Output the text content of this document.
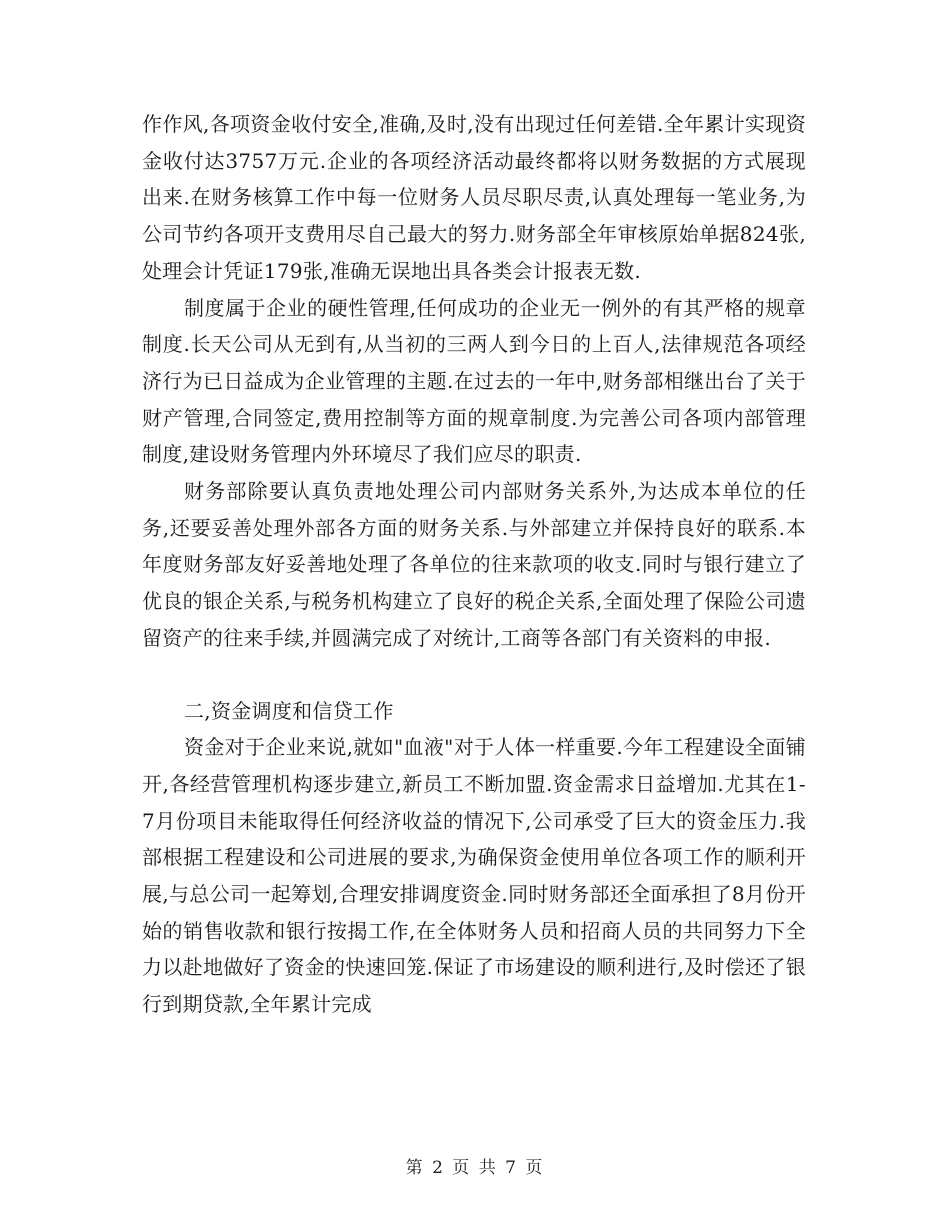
作作风,各项资金收付安全,准确,及时,没有出现过任何差错.全年累计实现资金收付达3757万元.企业的各项经济活动最终都将以财务数据的方式展现出来.在财务核算工作中每一位财务人员尽职尽责,认真处理每一笔业务,为公司节约各项开支费用尽自己最大的努力.财务部全年审核原始单据824张,处理会计凭证179张,准确无误地出具各类会计报表无数.

制度属于企业的硬性管理,任何成功的企业无一例外的有其严格的规章制度.长天公司从无到有,从当初的三两人到今日的上百人,法律规范各项经济行为已日益成为企业管理的主题.在过去的一年中,财务部相继出台了关于财产管理,合同签定,费用控制等方面的规章制度.为完善公司各项内部管理制度,建设财务管理内外环境尽了我们应尽的职责.

财务部除要认真负责地处理公司内部财务关系外,为达成本单位的任务,还要妥善处理外部各方面的财务关系.与外部建立并保持良好的联系.本年度财务部友好妥善地处理了各单位的往来款项的收支.同时与银行建立了优良的银企关系,与税务机构建立了良好的税企关系,全面处理了保险公司遗留资产的往来手续,并圆满完成了对统计,工商等各部门有关资料的申报.

二,资金调度和信贷工作

资金对于企业来说,就如"血液"对于人体一样重要.今年工程建设全面铺开,各经营管理机构逐步建立,新员工不断加盟.资金需求日益增加.尤其在1-7月份项目未能取得任何经济收益的情况下,公司承受了巨大的资金压力.我部根据工程建设和公司进展的要求,为确保资金使用单位各项工作的顺利开展,与总公司一起筹划,合理安排调度资金.同时财务部还全面承担了8月份开始的销售收款和银行按揭工作,在全体财务人员和招商人员的共同努力下全力以赴地做好了资金的快速回笼.保证了市场建设的顺利进行,及时偿还了银行到期贷款,全年累计完成

第 2 页 共 7 页
